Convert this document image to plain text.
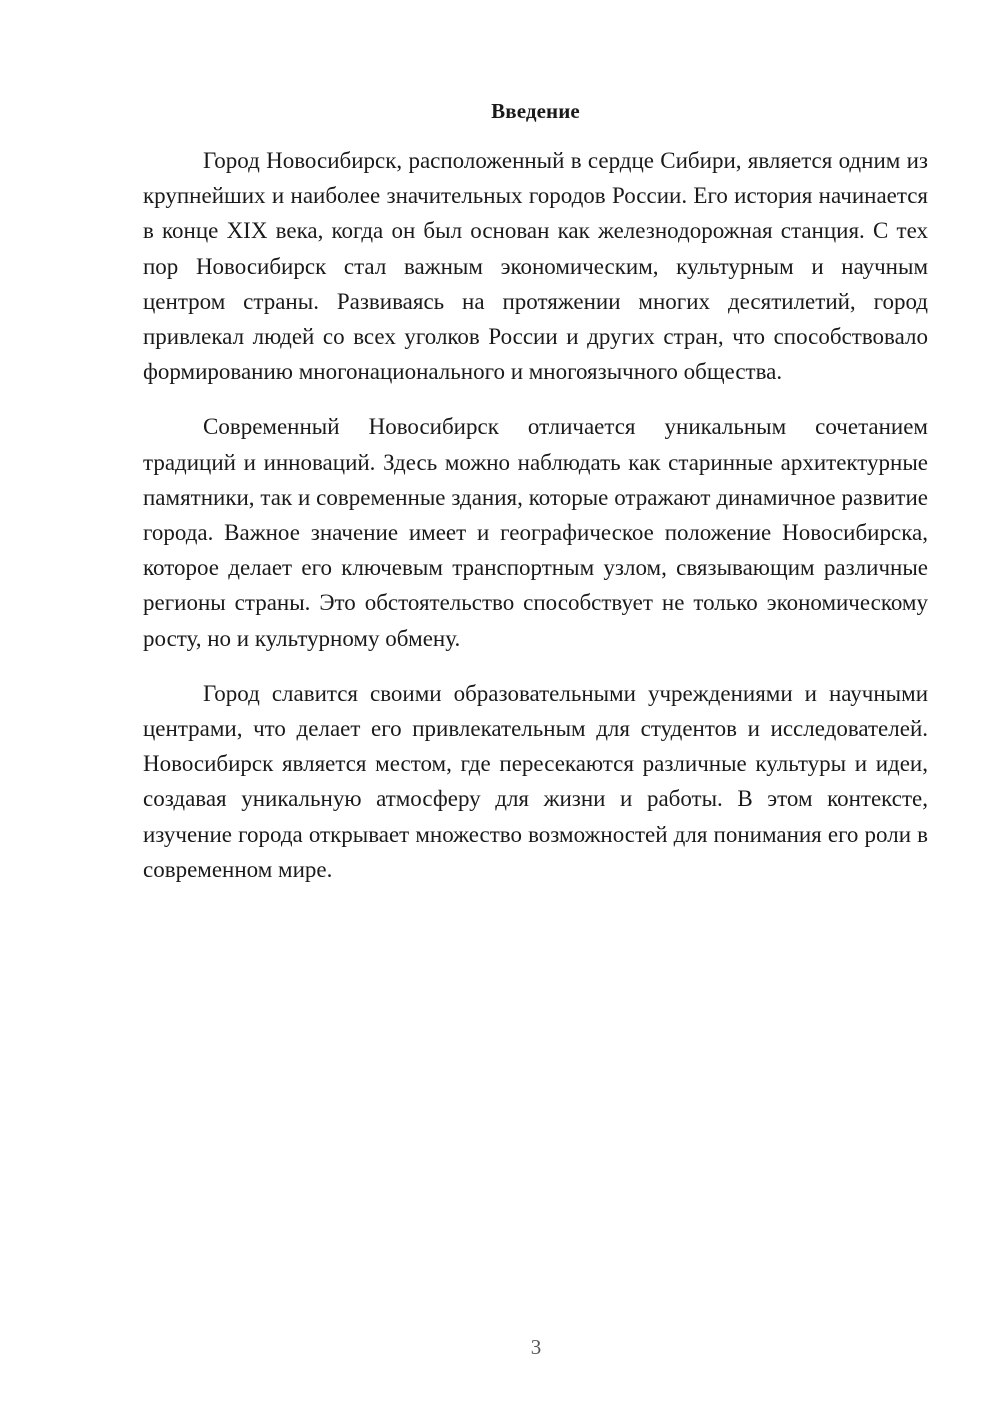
Введение

Город Новосибирск, расположенный в сердце Сибири, является одним из крупнейших и наиболее значительных городов России. Его история начинается в конце XIX века, когда он был основан как железнодорожная станция. С тех пор Новосибирск стал важным экономическим, культурным и научным центром страны. Развиваясь на протяжении многих десятилетий, город привлекал людей со всех уголков России и других стран, что способствовало формированию многонационального и многоязычного общества.

Современный Новосибирск отличается уникальным сочетанием традиций и инноваций. Здесь можно наблюдать как старинные архитектурные памятники, так и современные здания, которые отражают динамичное развитие города. Важное значение имеет и географическое положение Новосибирска, которое делает его ключевым транспортным узлом, связывающим различные регионы страны. Это обстоятельство способствует не только экономическому росту, но и культурному обмену.

Город славится своими образовательными учреждениями и научными центрами, что делает его привлекательным для студентов и исследователей. Новосибирск является местом, где пересекаются различные культуры и идеи, создавая уникальную атмосферу для жизни и работы. В этом контексте, изучение города открывает множество возможностей для понимания его роли в современном мире.

3
